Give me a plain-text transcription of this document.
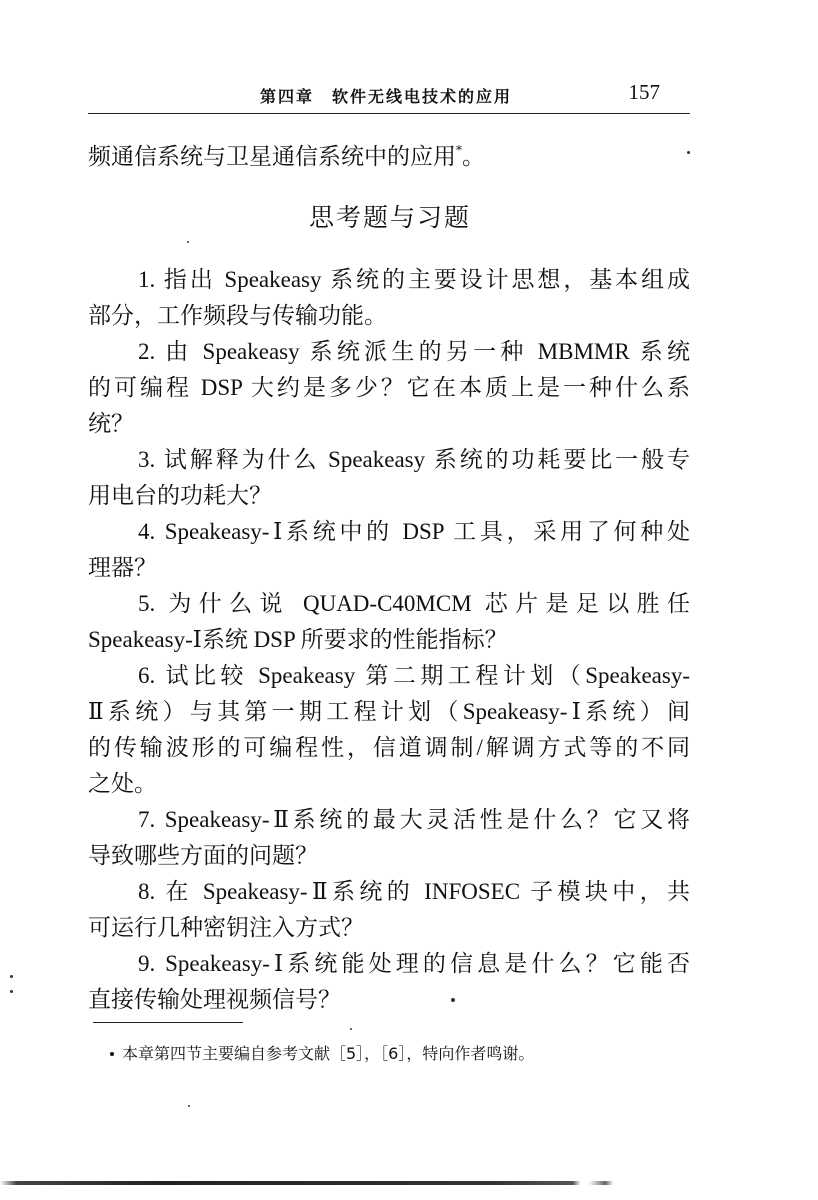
第四章　软件无线电技术的应用	157
频通信系统与卫星通信系统中的应用*。
思考题与习题
1. 指出 Speakeasy 系统的主要设计思想，基本组成
部分，工作频段与传输功能。
2. 由 Speakeasy 系统派生的另一种 MBMMR 系统
的可编程 DSP 大约是多少？它在本质上是一种什么系
统？
3. 试解释为什么 Speakeasy 系统的功耗要比一般专
用电台的功耗大？
4. Speakeasy-Ⅰ系统中的 DSP 工具，采用了何种处
理器？
5. 为什么说 QUAD-C40MCM 芯片是足以胜任
Speakeasy-Ⅰ系统 DSP 所要求的性能指标？
6. 试比较 Speakeasy 第二期工程计划（Speakeasy-
Ⅱ系统）与其第一期工程计划（Speakeasy-Ⅰ系统）间
的传输波形的可编程性，信道调制/解调方式等的不同
之处。
7. Speakeasy-Ⅱ系统的最大灵活性是什么？它又将
导致哪些方面的问题？
8. 在 Speakeasy-Ⅱ系统的 INFOSEC 子模块中，共
可运行几种密钥注入方式？
9. Speakeasy-Ⅰ系统能处理的信息是什么？它能否
直接传输处理视频信号？
本章第四节主要编自参考文献［5］，［6］，特向作者鸣谢。
